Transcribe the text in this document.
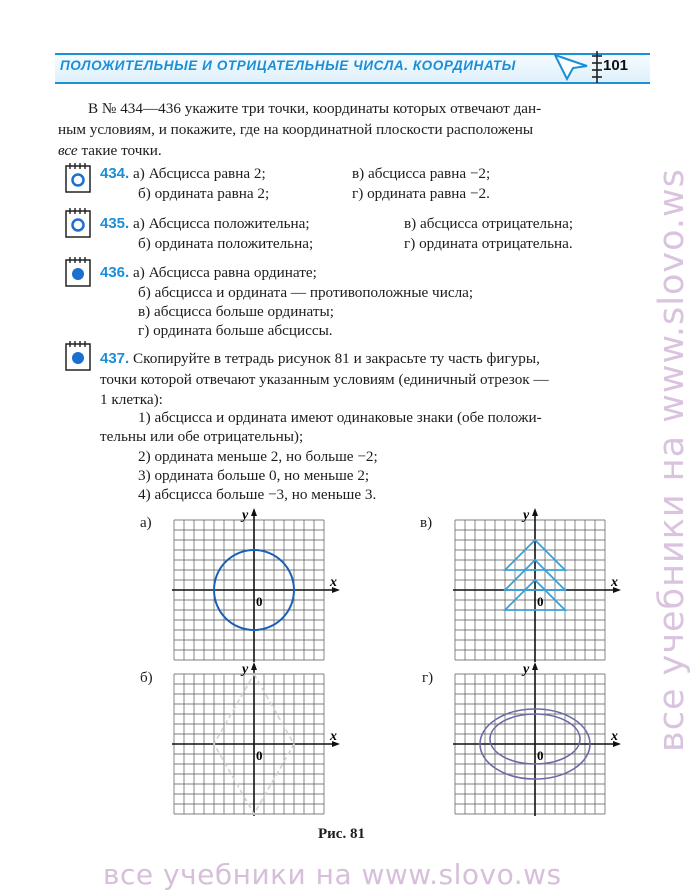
ПОЛОЖИТЕЛЬНЫЕ И ОТРИЦАТЕЛЬНЫЕ ЧИСЛА. КООРДИНАТЫ	101
В № 434—436 укажите три точки, координаты которых отвечают дан-
ным условиям, и покажите, где на координатной плоскости расположены
все такие точки.
434. а) Абсцисса равна 2;	в) абсцисса равна −2;
б) ордината равна 2;	г) ордината равна −2.
435. а) Абсцисса положительна;	в) абсцисса отрицательна;
б) ордината положительна;	г) ордината отрицательна.
436. а) Абсцисса равна ординате;
б) абсцисса и ордината — противоположные числа;
в) абсцисса больше ординаты;
г) ордината больше абсциссы.
437. Скопируйте в тетрадь рисунок 81 и закрасьте ту часть фигуры,
точки которой отвечают указанным условиям (единичный отрезок —
1 клетка):
1) абсцисса и ордината имеют одинаковые знаки (обе положи-
тельны или обе отрицательны);
2) ордината меньше 2, но больше −2;
3) ордината больше 0, но меньше 2;
4) абсцисса больше −3, но меньше 3.
а)	в)
б)	г)
x
y
0
x
y
0
x
y
0
x
y
0
Рис. 81
все учебники на www.slovo.ws
все учебники на www.slovo.ws
